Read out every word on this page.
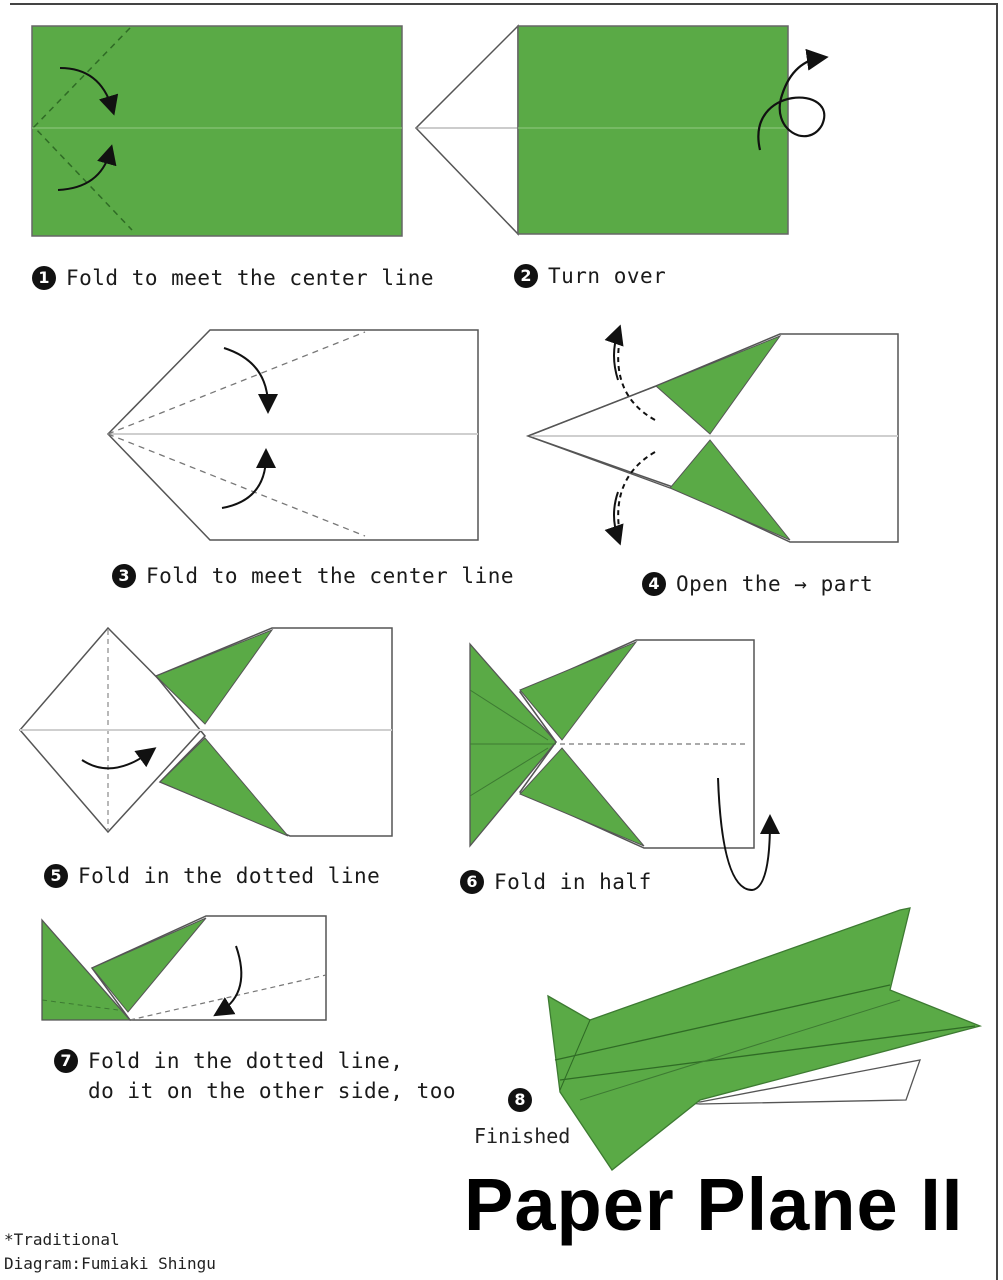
1 Fold to meet the center line	2 Turn over
3 Fold to meet the center line	4 Open the → part
5 Fold in the dotted line	6 Fold in half
7 Fold in the dotted line,
do it on the other side, too	8
Finished
Paper Plane II
*Traditional
Diagram:Fumiaki Shingu
